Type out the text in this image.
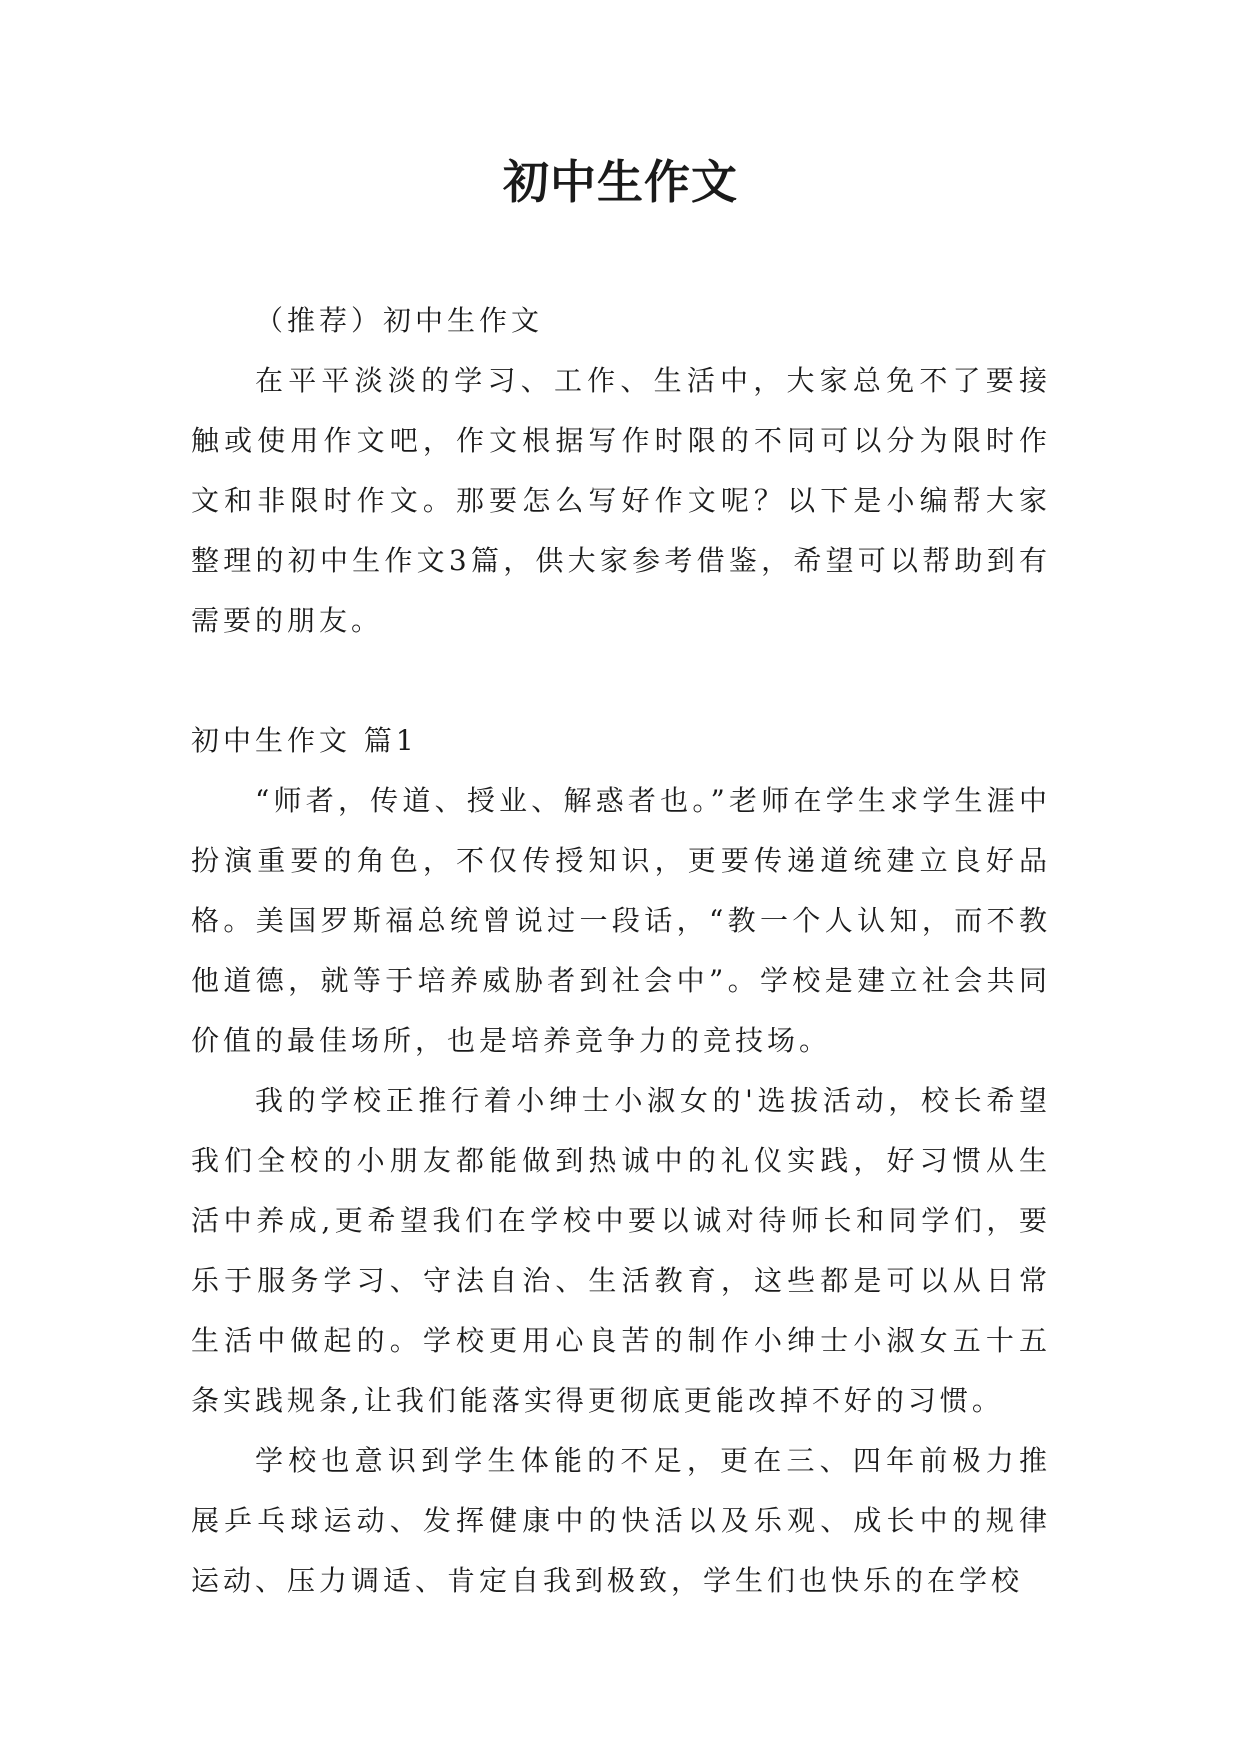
初中生作文

（推荐）初中生作文

在平平淡淡的学习、工作、生活中，大家总免不了要接触或使用作文吧，作文根据写作时限的不同可以分为限时作文和非限时作文。那要怎么写好作文呢？以下是小编帮大家整理的初中生作文3篇，供大家参考借鉴，希望可以帮助到有需要的朋友。

初中生作文 篇1

“师者，传道、授业、解惑者也。”老师在学生求学生涯中扮演重要的角色，不仅传授知识，更要传递道统建立良好品格。美国罗斯福总统曾说过一段话，“教一个人认知，而不教他道德，就等于培养威胁者到社会中”。学校是建立社会共同价值的最佳场所，也是培养竞争力的竞技场。

我的学校正推行着小绅士小淑女的'选拔活动，校长希望我们全校的小朋友都能做到热诚中的礼仪实践，好习惯从生活中养成,更希望我们在学校中要以诚对待师长和同学们，要乐于服务学习、守法自治、生活教育，这些都是可以从日常生活中做起的。学校更用心良苦的制作小绅士小淑女五十五条实践规条,让我们能落实得更彻底更能改掉不好的习惯。

学校也意识到学生体能的不足，更在三、四年前极力推展乒乓球运动、发挥健康中的快活以及乐观、成长中的规律运动、压力调适、肯定自我到极致，学生们也快乐的在学校
